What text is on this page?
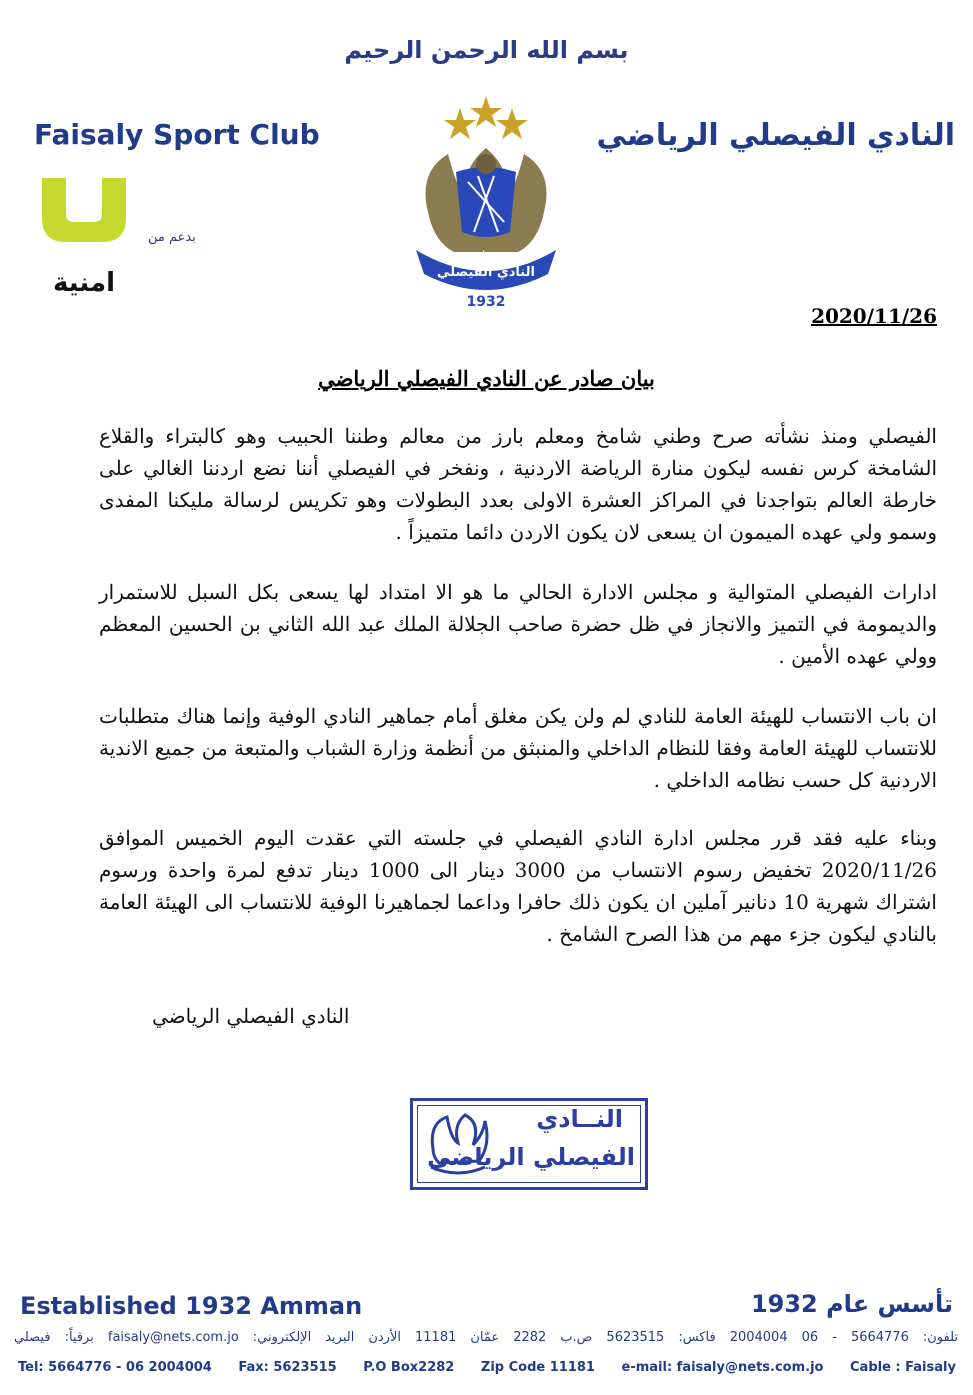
بسم الله الرحمن الرحيم
Faisaly Sport Club	النادي الفيصلي الرياضي
امنية
بدعم من
عمان
النادي الفيصلي
1932
2020/11/26
بيان صادر عن النادي الفيصلي الرياضي
الفيصلي ومنذ نشأته صرح وطني شامخ ومعلم بارز من معالم وطننا الحبيب وهو كالبتراء والقلاع الشامخة كرس نفسه ليكون منارة الرياضة الاردنية ، ونفخر في الفيصلي أننا نضع اردننا الغالي على خارطة العالم بتواجدنا في المراكز العشرة الاولى بعدد البطولات وهو تكريس لرسالة مليكنا المفدى وسمو ولي عهده الميمون ان يسعى لان يكون الاردن دائما متميزاً .
ادارات الفيصلي المتوالية و مجلس الادارة الحالي ما هو الا امتداد لها يسعى بكل السبل للاستمرار والديمومة في التميز والانجاز في ظل حضرة صاحب الجلالة الملك عبد الله الثاني بن الحسين المعظم وولي عهده الأمين .
ان باب الانتساب للهيئة العامة للنادي لم ولن يكن مغلق أمام جماهير النادي الوفية وإنما هناك متطلبات للانتساب للهيئة العامة وفقا للنظام الداخلي والمنبثق من أنظمة وزارة الشباب والمتبعة من جميع الاندية الاردنية كل حسب نظامه الداخلي .
وبناء عليه فقد قرر مجلس ادارة النادي الفيصلي في جلسته التي عقدت اليوم الخميس الموافق 2020/11/26 تخفيض رسوم الانتساب من 3000 دينار الى 1000 دينار تدفع لمرة واحدة ورسوم اشتراك شهرية 10 دنانير آملين ان يكون ذلك حافرا وداعما لجماهيرنا الوفية للانتساب الى الهيئة العامة بالنادي ليكون جزء مهم من هذا الصرح الشامخ .
النادي الفيصلي الرياضي
النــادي
الفيصلي الرياضي
Established 1932 Amman	تأسس عام 1932
تلفون: 5664776 - 06 2004004 فاكس: 5623515 ص.ب 2282 عمّان 11181 الأردن البريد الإلكتروني: faisaly@nets.com.jo برقياً: فيصلي
Tel: 5664776 - 06 2004004 Fax: 5623515 P.O Box2282 Zip Code 11181 e-mail: faisaly@nets.com.jo Cable : Faisaly
